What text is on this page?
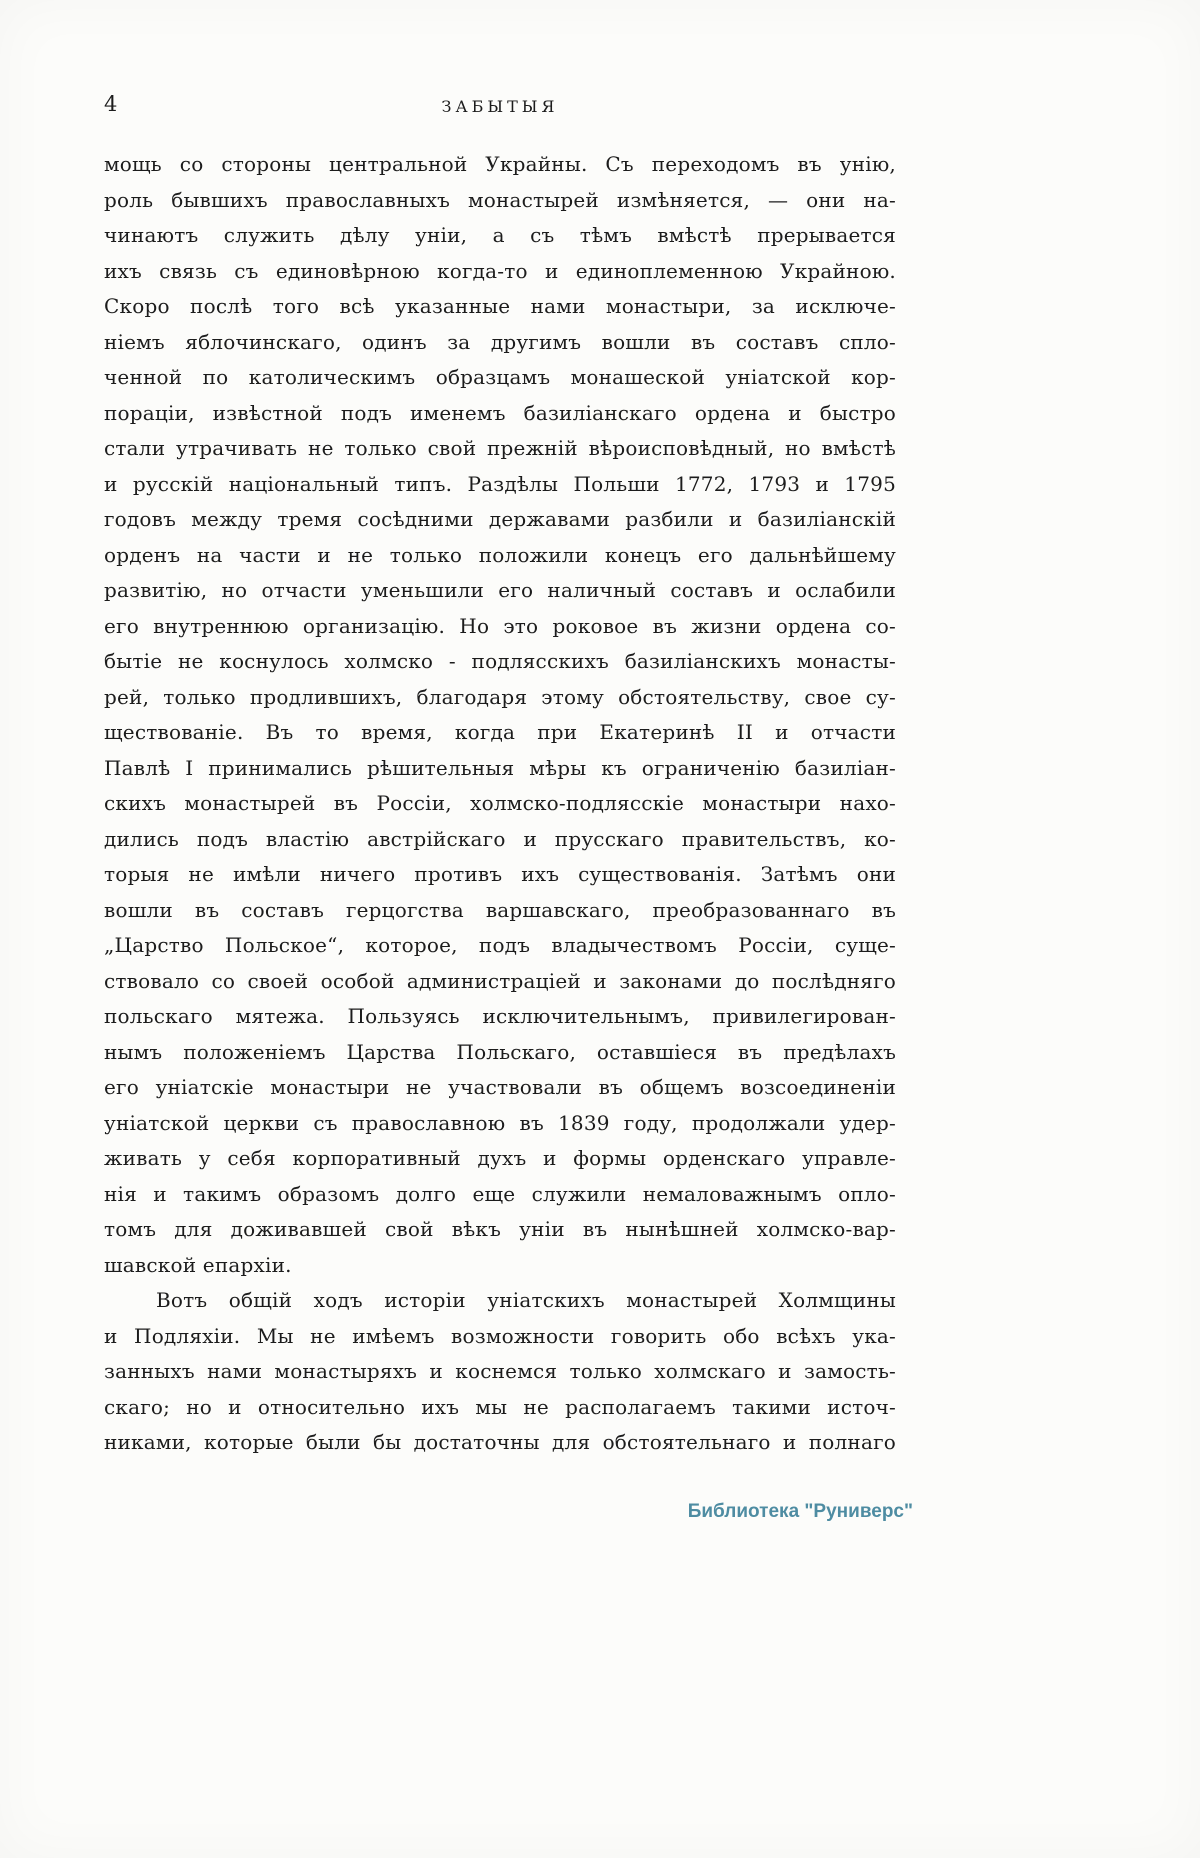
4	ЗАБЫТЫЯ
мощь со стороны центральной Украйны. Съ переходомъ въ унію,
роль бывшихъ православныхъ монастырей измѣняется, — они на-
чинаютъ служить дѣлу уніи, а съ тѣмъ вмѣстѣ прерывается
ихъ связь съ единовѣрною когда-то и единоплеменною Украйною.
Скоро послѣ того всѣ указанные нами монастыри, за исключе-
ніемъ яблочинскаго, одинъ за другимъ вошли въ составъ спло-
ченной по католическимъ образцамъ монашеской уніатской кор-
пораціи, извѣстной подъ именемъ базиліанскаго ордена и быстро
стали утрачивать не только свой прежній вѣроисповѣдный, но вмѣстѣ
и русскій національный типъ. Раздѣлы Польши 1772, 1793 и 1795
годовъ между тремя сосѣдними державами разбили и базиліанскій
орденъ на части и не только положили конецъ его дальнѣйшему
развитію, но отчасти уменьшили его наличный составъ и ослабили
его внутреннюю организацію. Но это роковое въ жизни ордена со-
бытіе не коснулось холмско - подлясскихъ базиліанскихъ монасты-
рей, только продлившихъ, благодаря этому обстоятельству, свое су-
ществованіе. Въ то время, когда при Екатеринѣ II и отчасти
Павлѣ I принимались рѣшительныя мѣры къ ограниченію базиліан-
скихъ монастырей въ Россіи, холмско-подлясскіе монастыри нахо-
дились подъ властію австрійскаго и прусскаго правительствъ, ко-
торыя не имѣли ничего противъ ихъ существованія. Затѣмъ они
вошли въ составъ герцогства варшавскаго, преобразованнаго въ
„Царство Польское“, которое, подъ владычествомъ Россіи, суще-
ствовало со своей особой администраціей и законами до послѣдняго
польскаго мятежа. Пользуясь исключительнымъ, привилегирован-
нымъ положеніемъ Царства Польскаго, оставшіеся въ предѣлахъ
его уніатскіе монастыри не участвовали въ общемъ возсоединеніи
уніатской церкви съ православною въ 1839 году, продолжали удер-
живать у себя корпоративный духъ и формы орденскаго управле-
нія и такимъ образомъ долго еще служили немаловажнымъ опло-
томъ для доживавшей свой вѣкъ уніи въ нынѣшней холмско-вар-
шавской епархіи.
Вотъ общій ходъ исторіи уніатскихъ монастырей Холмщины
и Подляхіи. Мы не имѣемъ возможности говорить обо всѣхъ ука-
занныхъ нами монастыряхъ и коснемся только холмскаго и замость-
скаго; но и относительно ихъ мы не располагаемъ такими источ-
никами, которые были бы достаточны для обстоятельнаго и полнаго
Библиотека "Руниверс"
